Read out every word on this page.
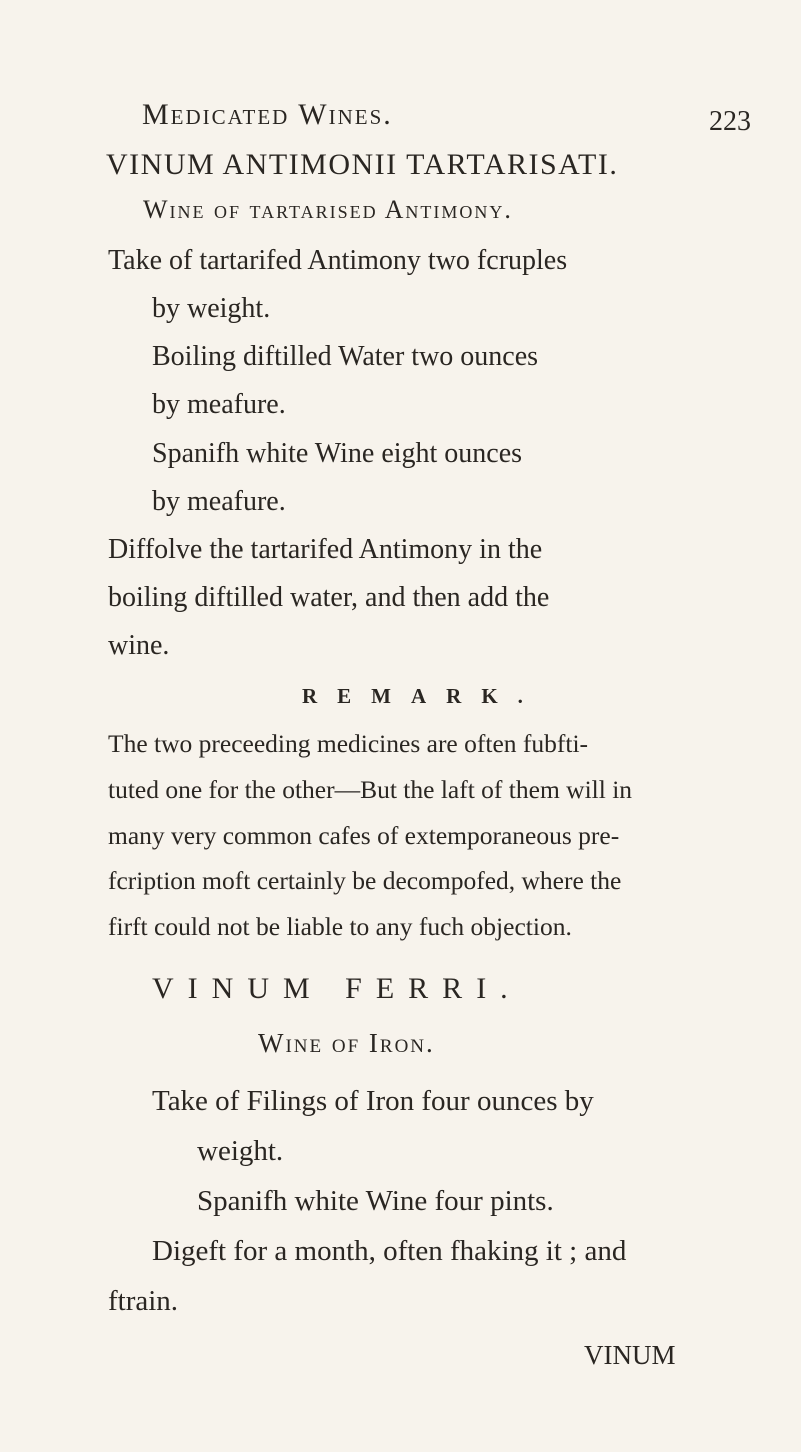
Medicated Wines.	223
VINUM ANTIMONII TARTARISATI.
Wine of tartarised Antimony.
Take of tartarifed Antimony two fcruples
by weight.
Boiling diftilled Water two ounces
by meafure.
Spanifh white Wine eight ounces
by meafure.
Diffolve the tartarifed Antimony in the
boiling diftilled water, and then add the
wine.
REMARK.
The two preceeding medicines are often fubfti-
tuted one for the other—But the laft of them will in
many very common cafes of extemporaneous pre-
fcription moft certainly be decompofed, where the
firft could not be liable to any fuch objection.
VINUM FERRI.
Wine of Iron.
Take of Filings of Iron four ounces by
weight.
Spanifh white Wine four pints.
Digeft for a month, often fhaking it ; and
ftrain.
VINUM
